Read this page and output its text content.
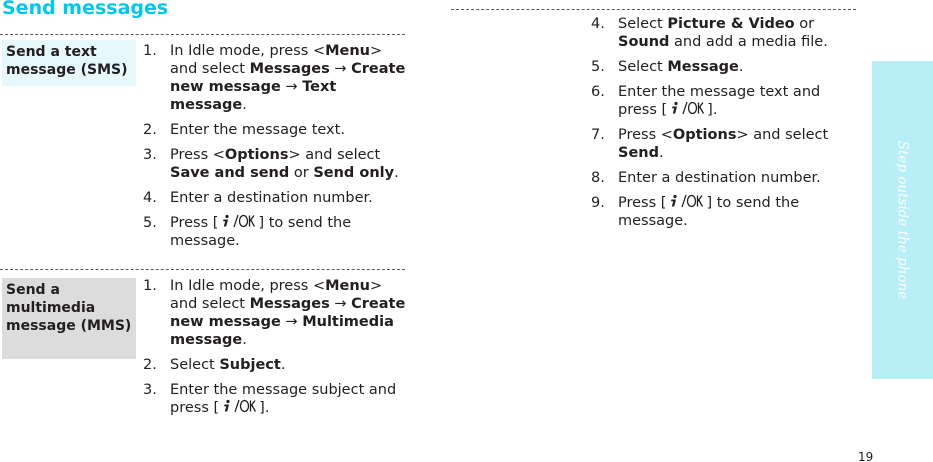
Send messages
Send a text message (SMS)
1. In Idle mode, press <Menu> and select Messages → Create new message → Text message.
2. Enter the message text.
3. Press <Options> and select Save and send or Send only.
4. Enter a destination number.
5. Press [	] to send the message.
Send a multimedia message (MMS)
1. In Idle mode, press <Menu> and select Messages → Create new message → Multimedia message.
2. Select Subject.
3. Enter the message subject and press [	].
4. Select Picture & Video or Sound and add a media file.
5. Select Message.
6. Enter the message text and press [	].
7. Press <Options> and select Send.
8. Enter a destination number.
9. Press [	] to send the message.	Step outside the phone
19
